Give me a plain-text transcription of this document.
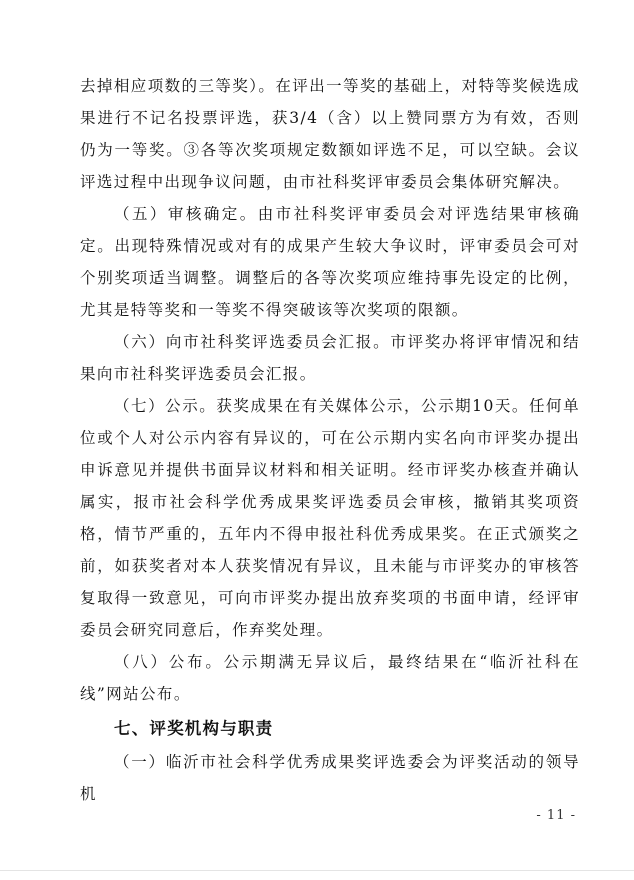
去掉相应项数的三等奖）。在评出一等奖的基础上，对特等奖候选成果进行不记名投票评选，获3/4（含）以上赞同票方为有效，否则仍为一等奖。③各等次奖项规定数额如评选不足，可以空缺。会议评选过程中出现争议问题，由市社科奖评审委员会集体研究解决。

（五）审核确定。由市社科奖评审委员会对评选结果审核确定。出现特殊情况或对有的成果产生较大争议时，评审委员会可对个别奖项适当调整。调整后的各等次奖项应维持事先设定的比例，尤其是特等奖和一等奖不得突破该等次奖项的限额。

（六）向市社科奖评选委员会汇报。市评奖办将评审情况和结果向市社科奖评选委员会汇报。

（七）公示。获奖成果在有关媒体公示，公示期10天。任何单位或个人对公示内容有异议的，可在公示期内实名向市评奖办提出申诉意见并提供书面异议材料和相关证明。经市评奖办核查并确认属实，报市社会科学优秀成果奖评选委员会审核，撤销其奖项资格，情节严重的，五年内不得申报社科优秀成果奖。在正式颁奖之前，如获奖者对本人获奖情况有异议，且未能与市评奖办的审核答复取得一致意见，可向市评奖办提出放弃奖项的书面申请，经评审委员会研究同意后，作弃奖处理。

（八）公布。公示期满无异议后，最终结果在“临沂社科在线”网站公布。

七、评奖机构与职责

（一）临沂市社会科学优秀成果奖评选委会为评奖活动的领导机

- 11 -
